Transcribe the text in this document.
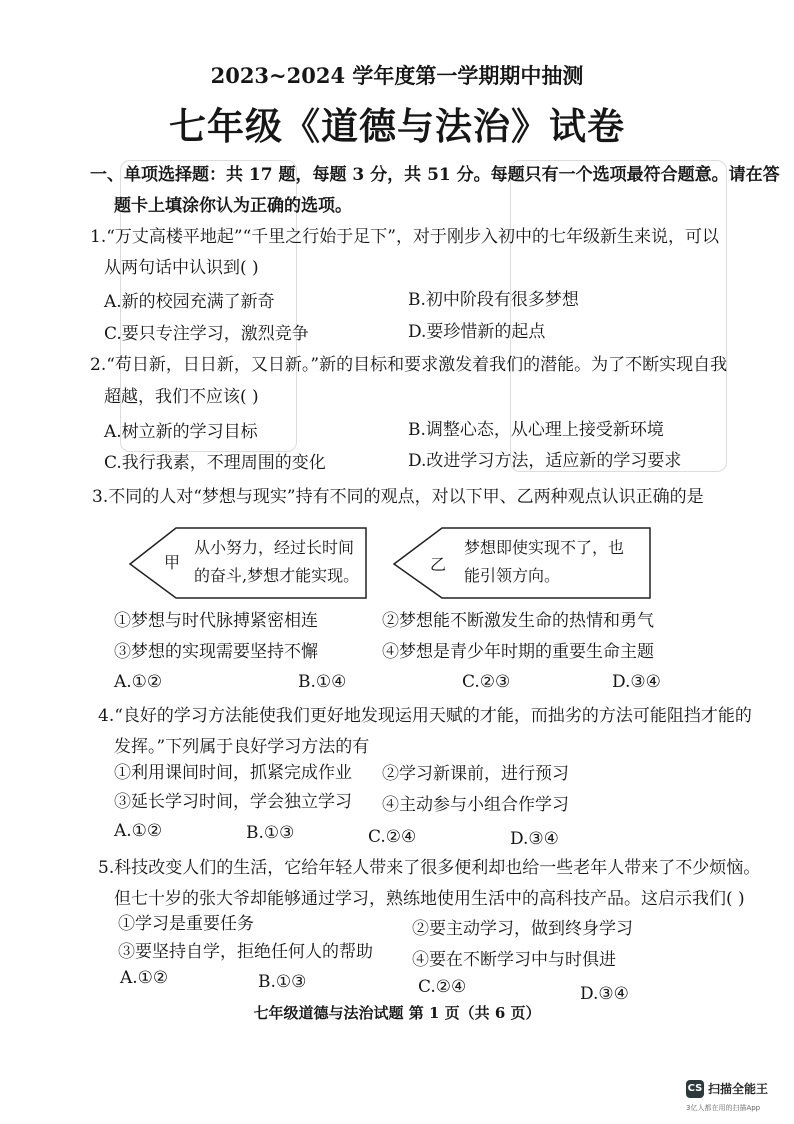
2023~2024 学年度第一学期期中抽测
七年级《道德与法治》试卷
一、单项选择题：共 17 题，每题 3 分，共 51 分。每题只有一个选项最符合题意。请在答
题卡上填涂你认为正确的选项。
1.“万丈高楼平地起”“千里之行始于足下”，对于刚步入初中的七年级新生来说，可以
从两句话中认识到( )
A.新的校园充满了新奇	B.初中阶段有很多梦想
C.要只专注学习，激烈竞争	D.要珍惜新的起点
2.“苟日新，日日新，又日新。”新的目标和要求激发着我们的潜能。为了不断实现自我
超越，我们不应该( )
A.树立新的学习目标	B.调整心态，从心理上接受新环境
C.我行我素，不理周围的变化	D.改进学习方法，适应新的学习要求
3.不同的人对“梦想与现实”持有不同的观点，对以下甲、乙两种观点认识正确的是
甲
从小努力，经过长时间
的奋斗,梦想才能实现。
乙
梦想即使实现不了，也
能引领方向。
①梦想与时代脉搏紧密相连	②梦想能不断激发生命的热情和勇气
③梦想的实现需要坚持不懈	④梦想是青少年时期的重要生命主题
A.①②	B.①④	C.②③	D.③④
4.“良好的学习方法能使我们更好地发现运用天赋的才能，而拙劣的方法可能阻挡才能的
发挥。”下列属于良好学习方法的有
①利用课间时间，抓紧完成作业 ②学习新课前，进行预习
③延长学习时间，学会独立学习 ④主动参与小组合作学习
A.①②	B.①③	C.②④	D.③④
5.科技改变人们的生活，它给年轻人带来了很多便利却也给一些老年人带来了不少烦恼。
但七十岁的张大爷却能够通过学习，熟练地使用生活中的高科技产品。这启示我们( )
①学习是重要任务	②要主动学习，做到终身学习
③要坚持自学，拒绝任何人的帮助 ④要在不断学习中与时俱进
A.①②	B.①③	C.②④	D.③④
七年级道德与法治试题 第 1 页（共 6 页）
CS 扫描全能王
3亿人都在用的扫描App
